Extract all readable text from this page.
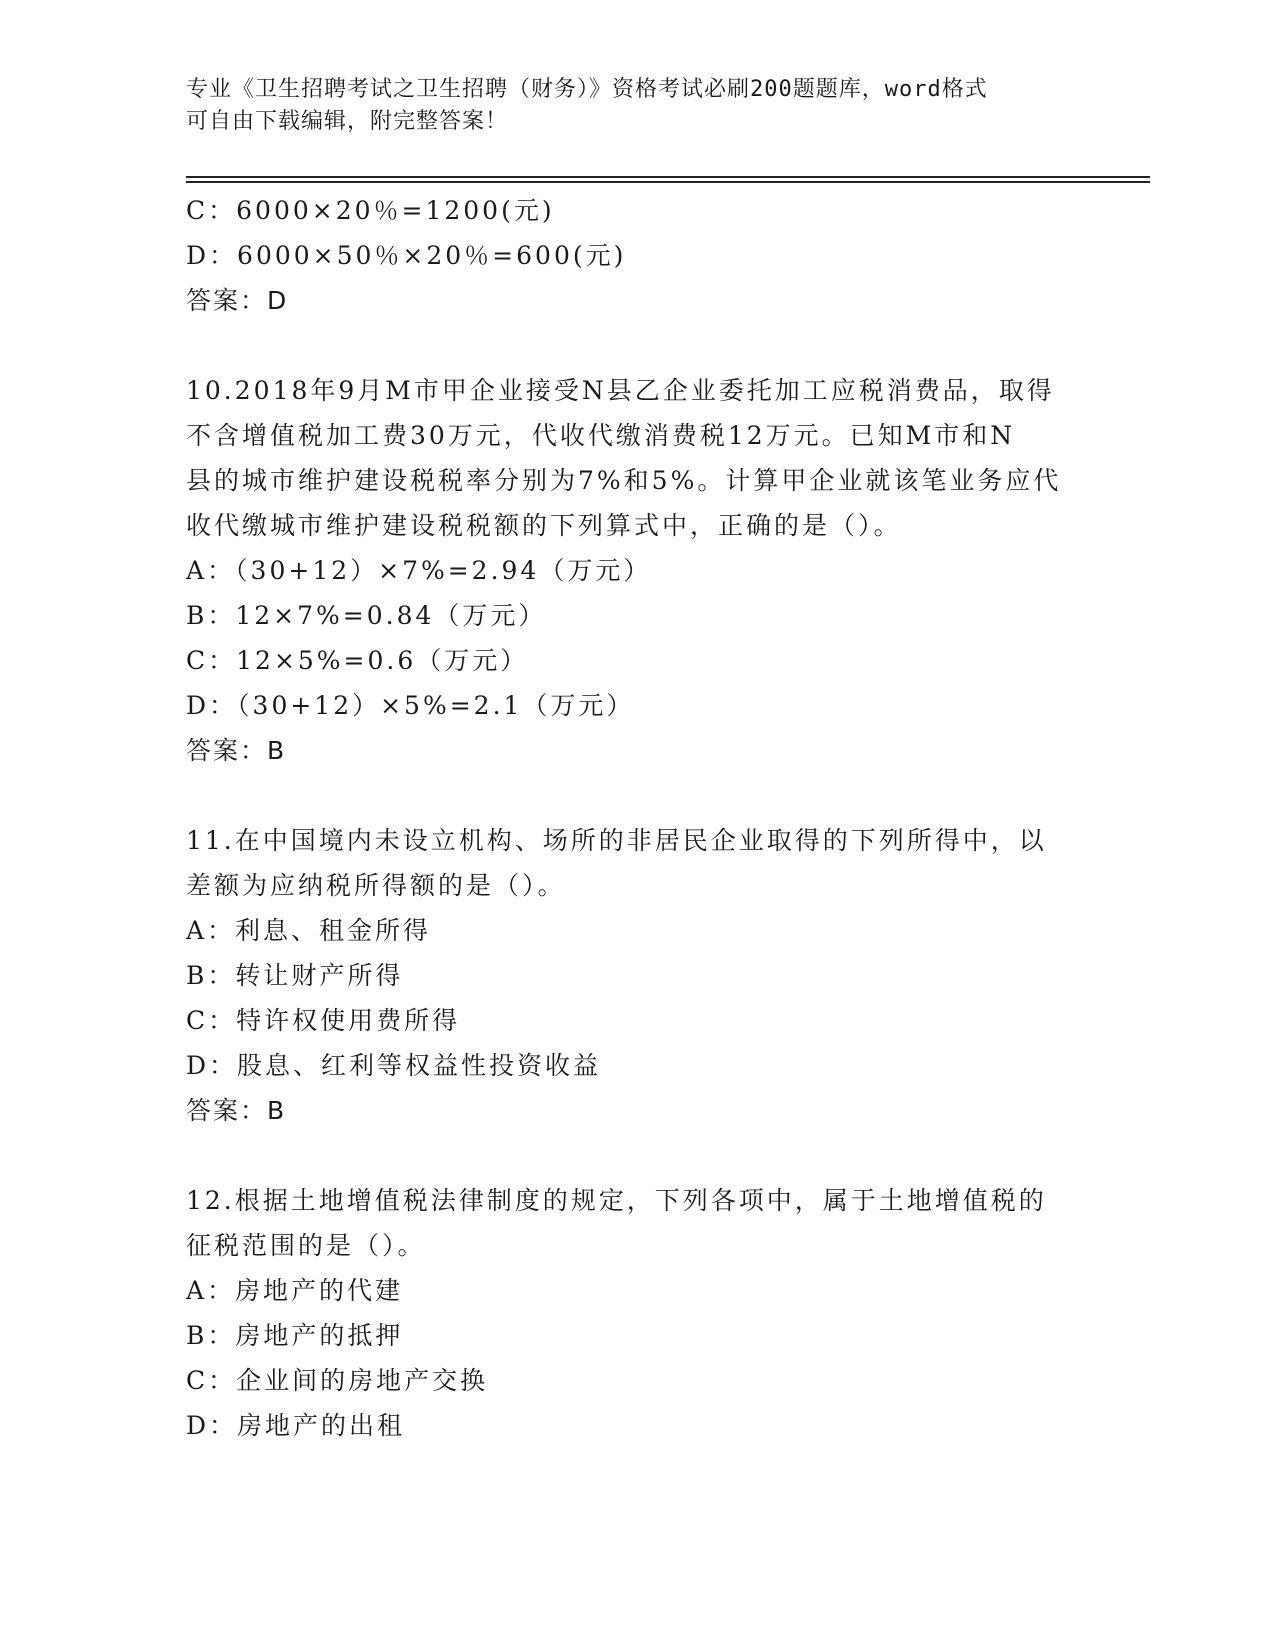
专业《卫生招聘考试之卫生招聘（财务）》资格考试必刷200题题库，word格式
可自由下载编辑，附完整答案！
C：6000×20％=1200(元)
D：6000×50％×20％=600(元)
答案：D
10.2018年9月M市甲企业接受N县乙企业委托加工应税消费品，取得
不含增值税加工费30万元，代收代缴消费税12万元。已知M市和N
县的城市维护建设税税率分别为7%和5%。计算甲企业就该笔业务应代
收代缴城市维护建设税税额的下列算式中，正确的是（）。
A：（30+12）×7%=2.94（万元）
B：12×7%=0.84（万元）
C：12×5%=0.6（万元）
D：（30+12）×5%=2.1（万元）
答案：B
11.在中国境内未设立机构、场所的非居民企业取得的下列所得中，以
差额为应纳税所得额的是（）。
A：利息、租金所得
B：转让财产所得
C：特许权使用费所得
D：股息、红利等权益性投资收益
答案：B
12.根据土地增值税法律制度的规定，下列各项中，属于土地增值税的
征税范围的是（）。
A：房地产的代建
B：房地产的抵押
C：企业间的房地产交换
D：房地产的出租
